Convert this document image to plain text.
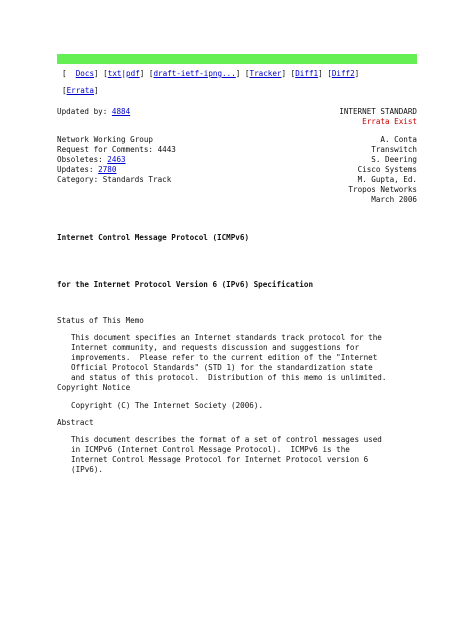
[ Docs] [txt|pdf] [draft-ietf-ipng...] [Tracker] [Diff1] [Diff2]
[Errata]
Updated by: 4884	INTERNET STANDARD
Errata Exist
Network Working Group
Request for Comments: 4443
Obsoletes: 2463
Updates: 2780
Category: Standards Track
A. Conta
Transwitch
S. Deering
Cisco Systems
M. Gupta, Ed.
Tropos Networks
March 2006
Internet Control Message Protocol (ICMPv6)
for the Internet Protocol Version 6 (IPv6) Specification
Status of This Memo
This document specifies an Internet standards track protocol for the
Internet community, and requests discussion and suggestions for
improvements.  Please refer to the current edition of the "Internet
Official Protocol Standards" (STD 1) for the standardization state
and status of this protocol.  Distribution of this memo is unlimited.
Copyright Notice
Copyright (C) The Internet Society (2006).
Abstract
This document describes the format of a set of control messages used
in ICMPv6 (Internet Control Message Protocol).  ICMPv6 is the
Internet Control Message Protocol for Internet Protocol version 6
(IPv6).
